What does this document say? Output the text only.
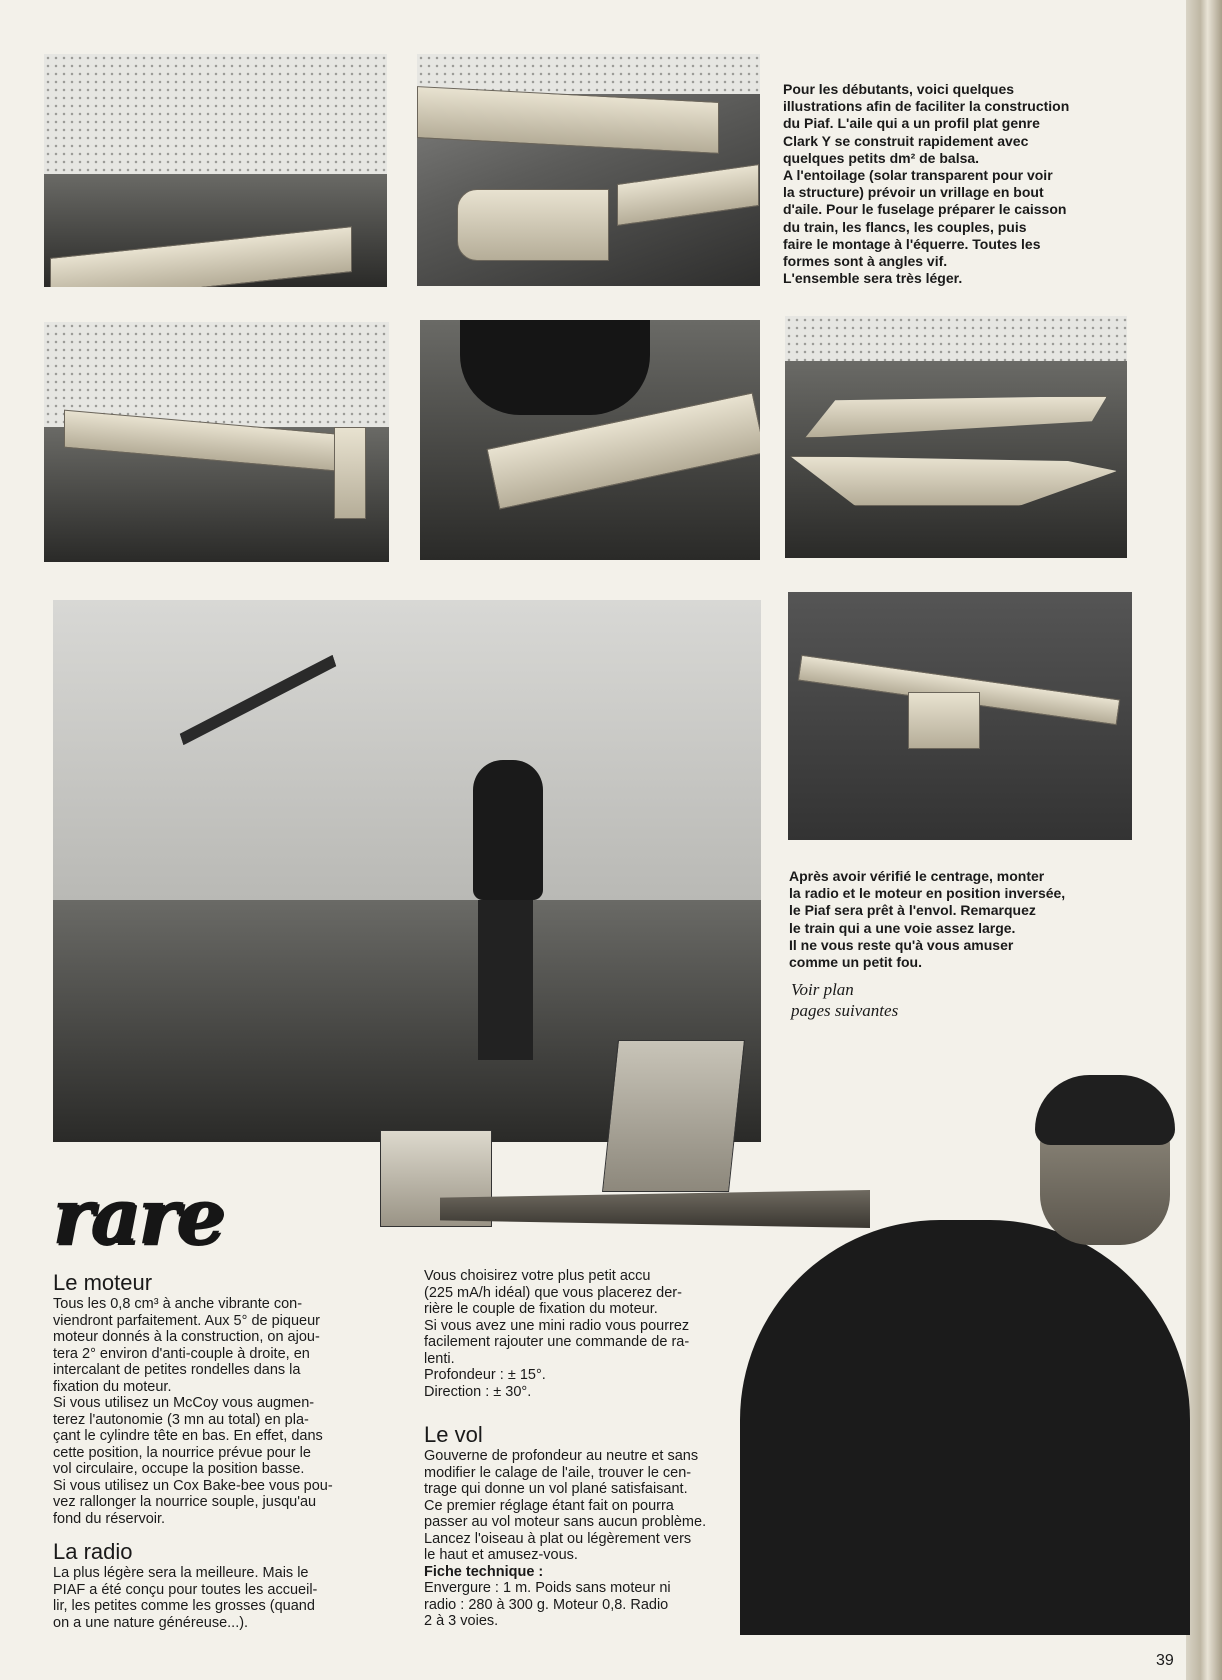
Pour les débutants, voici quelques
illustrations afin de faciliter la construction
du Piaf. L'aile qui a un profil plat genre
Clark Y se construit rapidement avec
quelques petits dm² de balsa.
A l'entoilage (solar transparent pour voir
la structure) prévoir un vrillage en bout
d'aile. Pour le fuselage préparer le caisson
du train, les flancs, les couples, puis
faire le montage à l'équerre. Toutes les
formes sont à angles vif.
L'ensemble sera très léger.
Après avoir vérifié le centrage, monter
la radio et le moteur en position inversée,
le Piaf sera prêt à l'envol. Remarquez
le train qui a une voie assez large.
Il ne vous reste qu'à vous amuser
comme un petit fou.
Voir plan
pages suivantes
rare
Le moteur

Tous les 0,8 cm³ à anche vibrante con-

viendront parfaitement. Aux 5° de piqueur

moteur donnés à la construction, on ajou-

tera 2° environ d'anti-couple à droite, en

intercalant de petites rondelles dans la

fixation du moteur.

Si vous utilisez un McCoy vous augmen-

terez l'autonomie (3 mn au total) en pla-

çant le cylindre tête en bas. En effet, dans

cette position, la nourrice prévue pour le

vol circulaire, occupe la position basse.

Si vous utilisez un Cox Bake-bee vous pou-

vez rallonger la nourrice souple, jusqu'au

fond du réservoir.

La radio

La plus légère sera la meilleure. Mais le

PIAF a été conçu pour toutes les accueil-

lir, les petites comme les grosses (quand

on a une nature généreuse...).

Vous choisirez votre plus petit accu

(225 mA/h idéal) que vous placerez der-

rière le couple de fixation du moteur.

Si vous avez une mini radio vous pourrez

facilement rajouter une commande de ra-

lenti.

Profondeur : ± 15°.

Direction : ± 30°.

Le vol

Gouverne de profondeur au neutre et sans

modifier le calage de l'aile, trouver le cen-

trage qui donne un vol plané satisfaisant.

Ce premier réglage étant fait on pourra

passer au vol moteur sans aucun problème.

Lancez l'oiseau à plat ou légèrement vers

le haut et amusez-vous.

Fiche technique :

Envergure : 1 m. Poids sans moteur ni

radio : 280 à 300 g. Moteur 0,8. Radio

2 à 3 voies.

39
